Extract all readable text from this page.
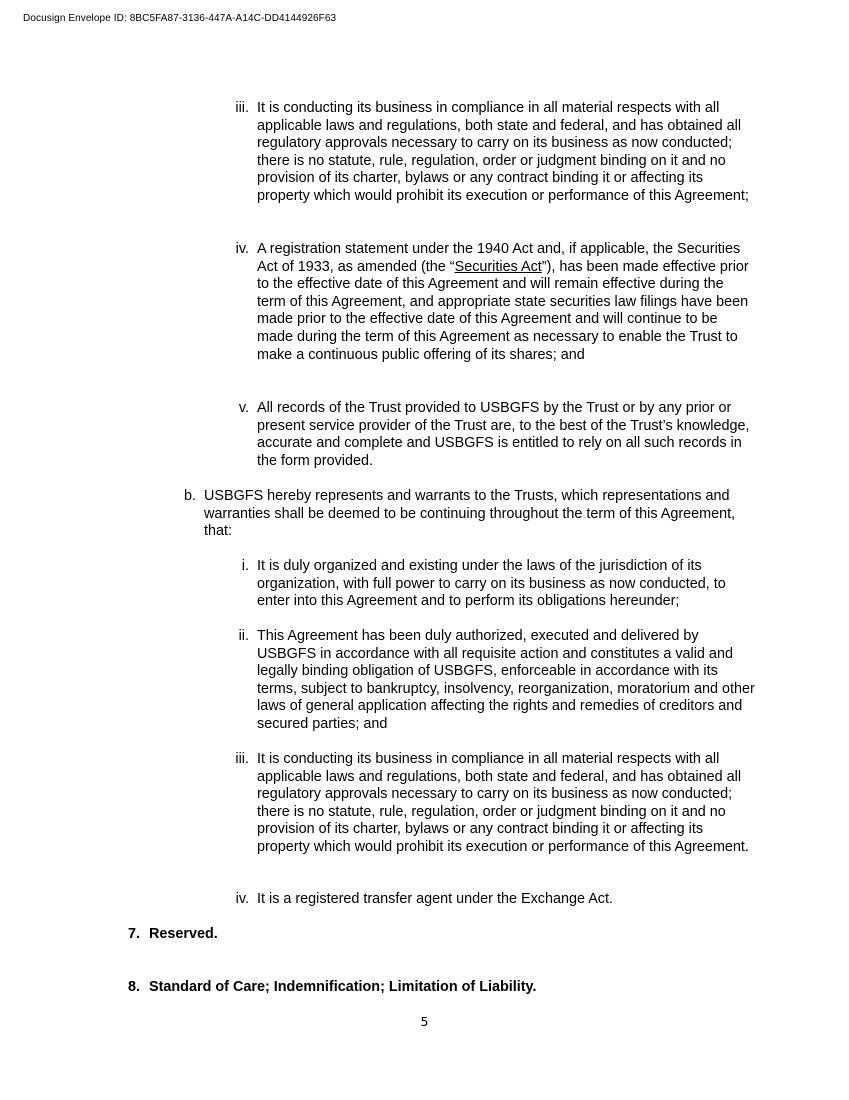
Docusign Envelope ID: 8BC5FA87-3136-447A-A14C-DD4144926F63
iii. It is conducting its business in compliance in all material respects with all applicable laws and regulations, both state and federal, and has obtained all regulatory approvals necessary to carry on its business as now conducted; there is no statute, rule, regulation, order or judgment binding on it and no provision of its charter, bylaws or any contract binding it or affecting its property which would prohibit its execution or performance of this Agreement;
iv. A registration statement under the 1940 Act and, if applicable, the Securities Act of 1933, as amended (the “Securities Act”), has been made effective prior to the effective date of this Agreement and will remain effective during the term of this Agreement, and appropriate state securities law filings have been made prior to the effective date of this Agreement and will continue to be made during the term of this Agreement as necessary to enable the Trust to make a continuous public offering of its shares; and
v. All records of the Trust provided to USBGFS by the Trust or by any prior or present service provider of the Trust are, to the best of the Trust’s knowledge, accurate and complete and USBGFS is entitled to rely on all such records in the form provided.
b. USBGFS hereby represents and warrants to the Trusts, which representations and warranties shall be deemed to be continuing throughout the term of this Agreement, that:
i. It is duly organized and existing under the laws of the jurisdiction of its organization, with full power to carry on its business as now conducted, to enter into this Agreement and to perform its obligations hereunder;
ii. This Agreement has been duly authorized, executed and delivered by USBGFS in accordance with all requisite action and constitutes a valid and legally binding obligation of USBGFS, enforceable in accordance with its terms, subject to bankruptcy, insolvency, reorganization, moratorium and other laws of general application affecting the rights and remedies of creditors and secured parties; and
iii. It is conducting its business in compliance in all material respects with all applicable laws and regulations, both state and federal, and has obtained all regulatory approvals necessary to carry on its business as now conducted; there is no statute, rule, regulation, order or judgment binding on it and no provision of its charter, bylaws or any contract binding it or affecting its property which would prohibit its execution or performance of this Agreement.
iv. It is a registered transfer agent under the Exchange Act.
7. Reserved.
8. Standard of Care; Indemnification; Limitation of Liability.
5
